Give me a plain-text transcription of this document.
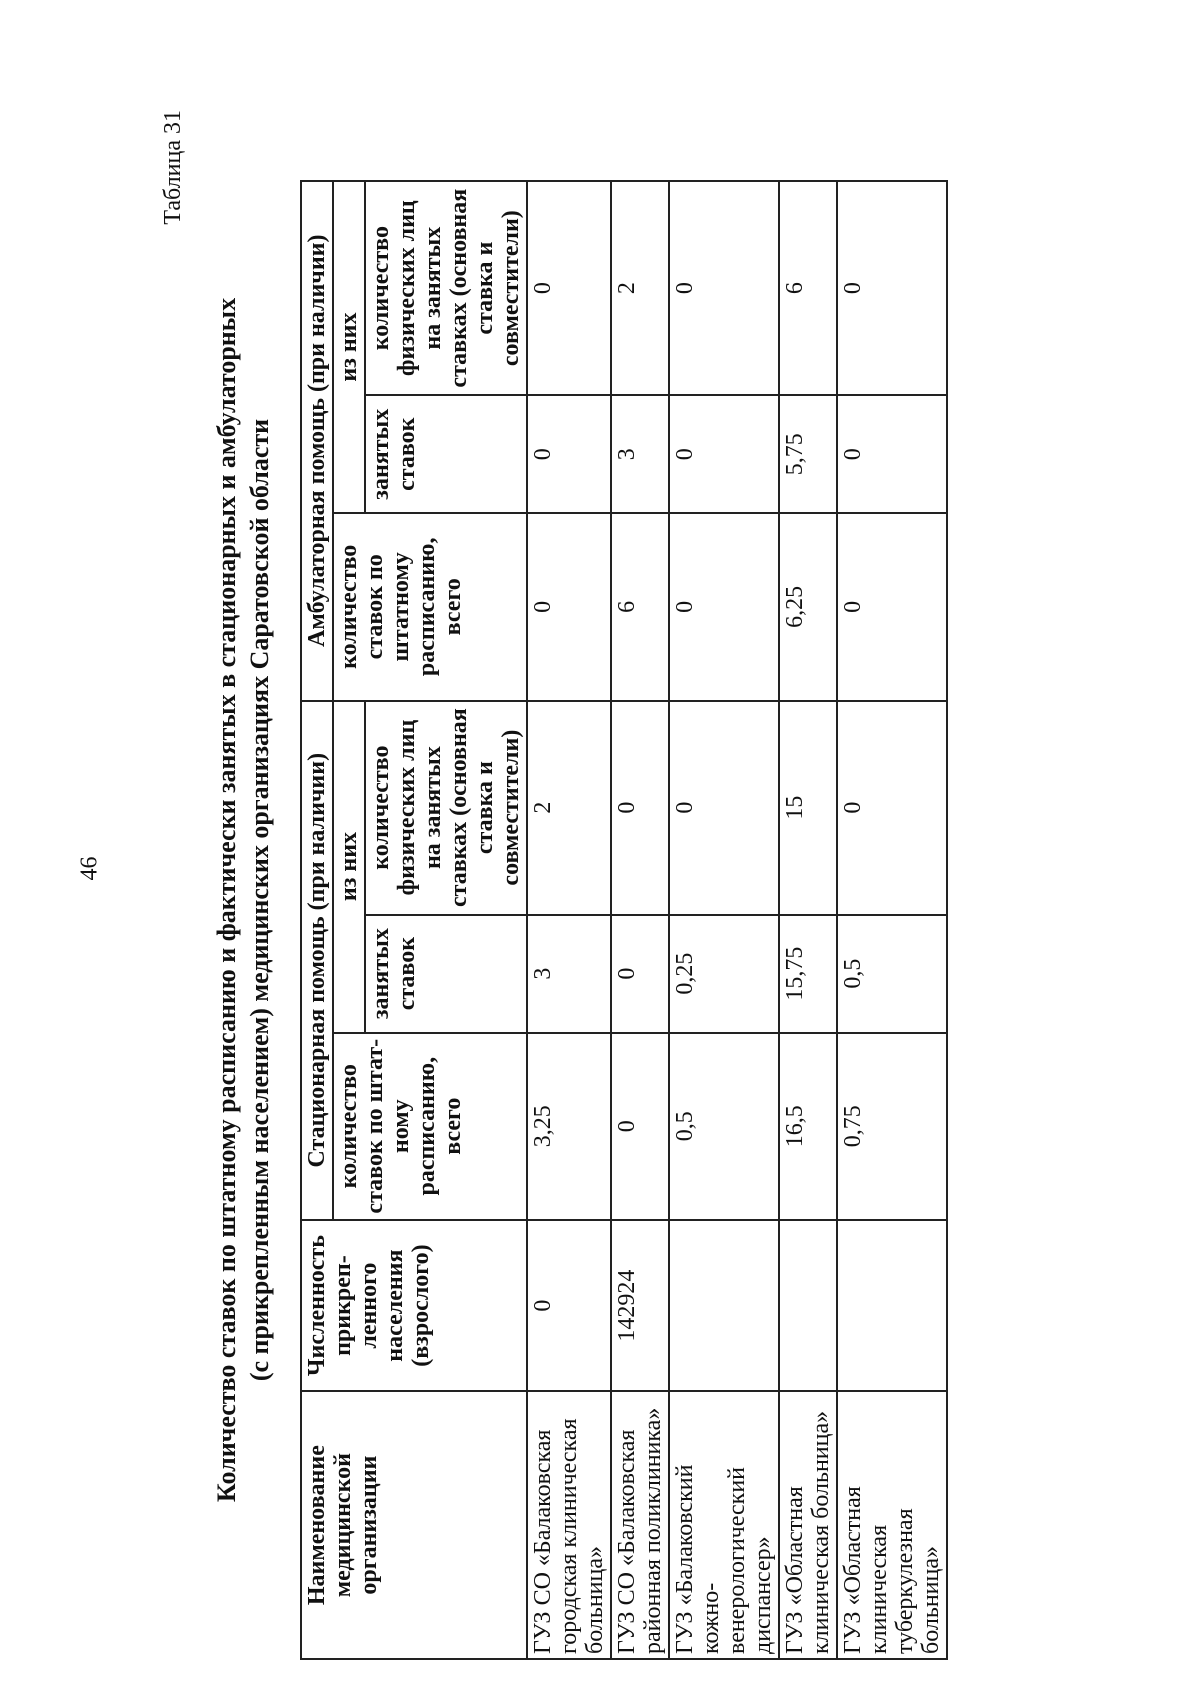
46
Таблица 31
Количество ставок по штатному расписанию и фактически занятых в стационарных и амбулаторных (с прикрепленным населением) медицинских организациях Саратовской области
Наименование медицинской организации	Численность прикреп-ленного населения (взрослого)	Стационарная помощь (при наличии)			Амбулаторная помощь (при наличии)		
		количество ставок по штат-ному расписанию, всего	из них		количество ставок по штатному расписанию, всего	из них	
			занятых ставок	количество физических лиц на занятых ставках (основная ставка и совместители)		занятых ставок	количество физических лиц на занятых ставках (основная ставка и совместители)
ГУЗ СО «Балаковская городская клиническая больница»	0	3,25	3	2	0	0	0
ГУЗ СО «Балаковская районная поликлиника»	142924	0	0	0	6	3	2
ГУЗ «Балаковский кожно-венерологический диспансер»		0,5	0,25	0	0	0	0
ГУЗ «Областная клиническая больница»		16,5	15,75	15	6,25	5,75	6
ГУЗ «Областная клиническая туберкулезная больница»		0,75	0,5	0	0	0	0
